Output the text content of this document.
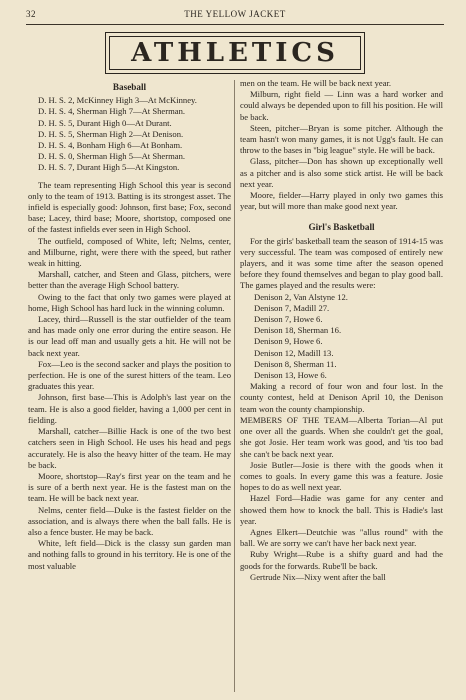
32	THE YELLOW JACKET
ATHLETICS
Baseball
D. H. S. 2, McKinney High 3—At McKinney.
D. H. S. 4, Sherman High 7—At Sherman.
D. H. S. 5, Durant High 0—At Durant.
D. H. S. 5, Sherman High 2—At Denison.
D. H. S. 4, Bonham High 6—At Bonham.
D. H. S. 0, Sherman High 5—At Sherman.
D. H. S. 7, Durant High 5—At Kingston.

The team representing High School this year is second only to the team of 1913. Batting is its strongest asset. The infield is especially good: Johnson, first base; Fox, second base; Lacey, third base; Moore, shortstop, composed one of the fastest infields ever seen in High School.

The outfield, composed of White, left; Nelms, center, and Milburne, right, were there with the speed, but rather weak in hitting.

Marshall, catcher, and Steen and Glass, pitchers, were better than the average High School battery.

Owing to the fact that only two games were played at home, High School has hard luck in the winning column.

Lacey, third—Russell is the star outfielder of the team and has made only one error during the entire season. He is our lead off man and usually gets a hit. He will not be back next year.

Fox—Leo is the second sacker and plays the position to perfection. He is one of the surest hitters of the team. Leo graduates this year.

Johnson, first base—This is Adolph's last year on the team. He is also a good fielder, having a 1,000 per cent in fielding.

Marshall, catcher—Billie Hack is one of the two best catchers seen in High School. He uses his head and pegs accurately. He is also the heavy hitter of the team. He may be back.

Moore, shortstop—Ray's first year on the team and he is sure of a berth next year. He is the fastest man on the team. He will be back next year.

Nelms, center field—Duke is the fastest fielder on the association, and is always there when the ball falls. He is also a fence buster. He may be back.

White, left field—Dick is the classy sun garden man and nothing falls to ground in his territory. He is one of the most valuable

men on the team. He will be back next year.

Milburn, right field — Linn was a hard worker and could always be depended upon to fill his position. He will be back.

Steen, pitcher—Bryan is some pitcher. Although the team hasn't won many games, it is not Ugg's fault. He can throw to the bases in "big league" style. He will be back.

Glass, pitcher—Don has shown up exceptionally well as a pitcher and is also some stick artist. He will be back next year.

Moore, fielder—Harry played in only two games this year, but will more than make good next year.

Girl's Basketball

For the girls' basketball team the season of 1914-15 was very successful. The team was composed of entirely new players, and it was some time after the season opened before they found themselves and began to play good ball. The games played and the results were:

Denison 2, Van Alstyne 12.
Denison 7, Madill 27.
Denison 7, Howe 6.
Denison 18, Sherman 16.
Denison 9, Howe 6.
Denison 12, Madill 13.
Denison 8, Sherman 11.
Denison 13, Howe 6.

Making a record of four won and four lost. In the county contest, held at Denison April 10, the Denison team won the county championship.

MEMBERS OF THE TEAM—Alberta Torian—Al put one over all the guards. When she couldn't get the goal, she got Josie. Her team work was good, and 'tis too bad she can't be back next year.

Josie Butler—Josie is there with the goods when it comes to goals. In every game this was a feature. Josie hopes to do as well next year.

Hazel Ford—Hadie was game for any center and showed them how to knock the ball. This is Hadie's last year.

Agnes Elkert—Deutchie was "allus round" with the ball. We are sorry we can't have her back next year.

Ruby Wright—Rube is a shifty guard and had the goods for the forwards. Rube'll be back.

Gertrude Nix—Nixy went after the ball
